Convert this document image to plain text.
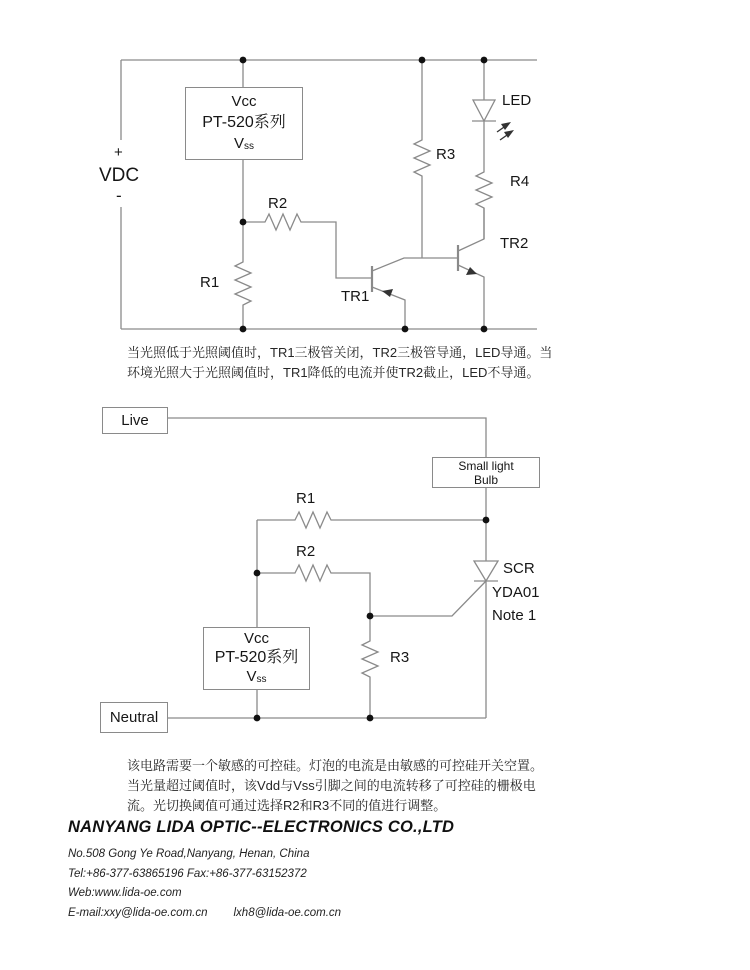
+
VDC
-
Vcc
PT-520系列
Vss
R1
R2
R3
R4
LED
TR1
TR2
当光照低于光照阈值时，TR1三极管关闭，TR2三极管导通，LED导通。当
环境光照大于光照阈值时，TR1降低的电流并使TR2截止，LED不导通。
Live
Small light
Bulb
Vcc
PT-520系列
Vss
Neutral
R1
R2
R3
SCR
YDA01
Note 1
该电路需要一个敏感的可控硅。灯泡的电流是由敏感的可控硅开关空置。
当光量超过阈值时，该Vdd与Vss引脚之间的电流转移了可控硅的栅极电
流。光切换阈值可通过选择R2和R3不同的值进行调整。
NANYANG LIDA OPTIC--ELECTRONICS CO.,LTD
No.508 Gong Ye Road,Nanyang, Henan, China
Tel:+86-377-63865196 Fax:+86-377-63152372
Web:www.lida-oe.com
E-mail:xxy@lida-oe.com.cn lxh8@lida-oe.com.cn
